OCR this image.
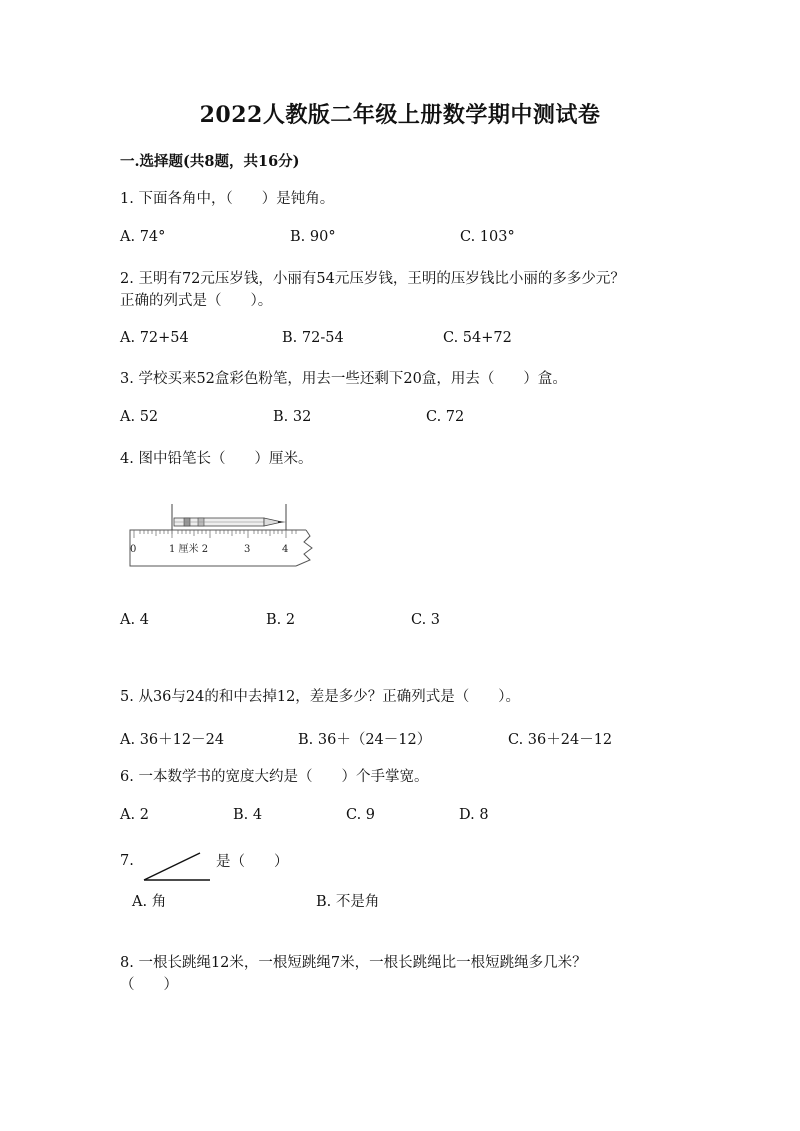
2022人教版二年级上册数学期中测试卷
一.选择题(共8题，共16分)
1. 下面各角中，（　　）是钝角。
A. 74°	B. 90°	C. 103°
2. 王明有72元压岁钱，小丽有54元压岁钱，王明的压岁钱比小丽的多多少元？
正确的列式是（　　）。
A. 72+54	B. 72-54	C. 54+72
3. 学校买来52盒彩色粉笔，用去一些还剩下20盒，用去（　　）盒。
A. 52	B. 32	C. 72
4. 图中铅笔长（　　）厘米。
0	1 厘米 2	3	4
A. 4	B. 2	C. 3
5. 从36与24的和中去掉12，差是多少？正确列式是（　　）。
A. 36＋12－24	B. 36＋（24－12）	C. 36＋24－12
6. 一本数学书的宽度大约是（　　）个手掌宽。
A. 2	B. 4	C. 9	D. 8
7.	是（　　）
A. 角	B. 不是角
8. 一根长跳绳12米，一根短跳绳7米，一根长跳绳比一根短跳绳多几米？
（　　）
